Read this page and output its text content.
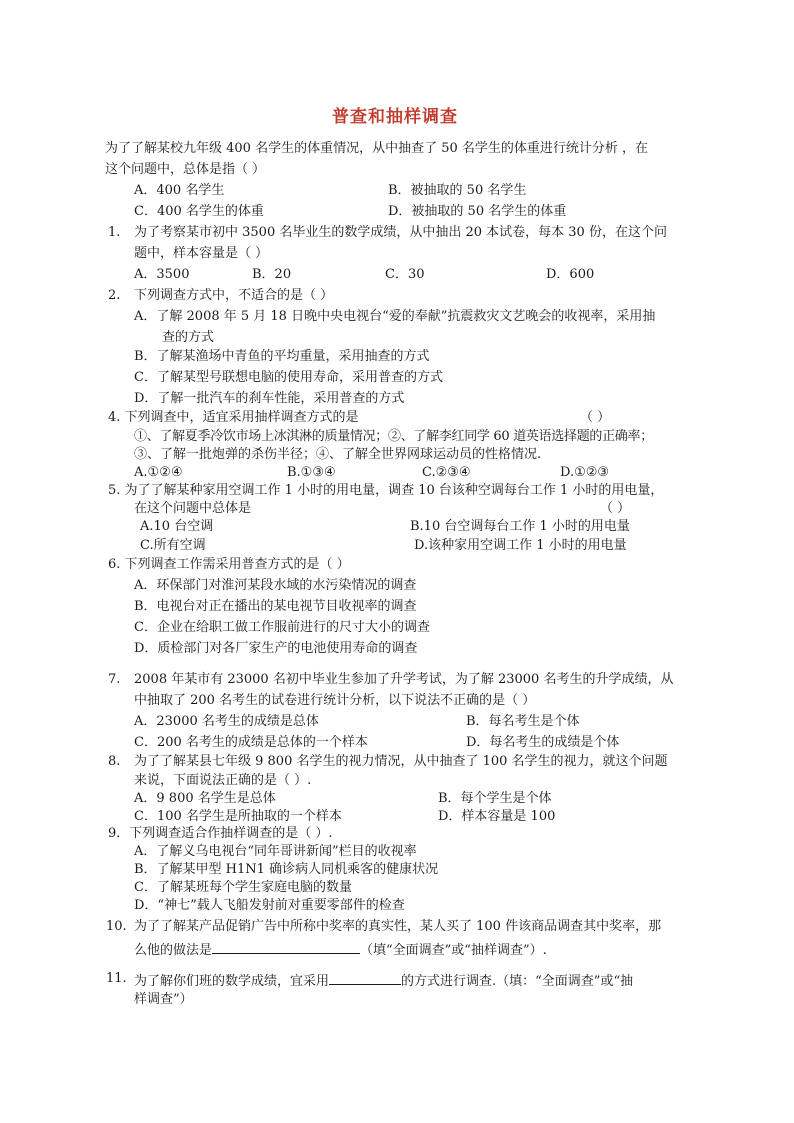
普查和抽样调查
为了了解某校九年级 400 名学生的体重情况，从中抽查了 50 名学生的体重进行统计分析 ，在
这个问题中，总体是指（ ）
A．400 名学生	B．被抽取的 50 名学生
C．400 名学生的体重	D．被抽取的 50 名学生的体重
1. 为了考察某市初中 3500 名毕业生的数学成绩，从中抽出 20 本试卷，每本 30 份，在这个问
题中，样本容量是（ ）
A．3500	B．20	C．30	D．600
2. 下列调查方式中，不适合的是（ ）
A．了解 2008 年 5 月 18 日晚中央电视台“爱的奉献”抗震救灾文艺晚会的收视率，采用抽
查的方式
B．了解某渔场中青鱼的平均重量，采用抽查的方式
C．了解某型号联想电脑的使用寿命，采用普查的方式
D．了解一批汽车的刹车性能，采用普查的方式
4. 下列调查中，适宜采用抽样调查方式的是	（ ）
①、了解夏季冷饮市场上冰淇淋的质量情况；②、了解李红同学 60 道英语选择题的正确率；
③、了解一批炮弹的杀伤半径；④、了解全世界网球运动员的性格情况.
A.①②④	B.①③④	C.②③④	D.①②③
5. 为了了解某种家用空调工作 1 小时的用电量，调查 10 台该种空调每台工作 1 小时的用电量，
在这个问题中总体是	（ ）
A.10 台空调	B.10 台空调每台工作 1 小时的用电量
C.所有空调	D.该种家用空调工作 1 小时的用电量
6. 下列调查工作需采用普查方式的是（ ）
A．环保部门对淮河某段水域的水污染情况的调查
B．电视台对正在播出的某电视节目收视率的调查
C．企业在给职工做工作服前进行的尺寸大小的调查
D．质检部门对各厂家生产的电池使用寿命的调查
7. 2008 年某市有 23000 名初中毕业生参加了升学考试，为了解 23000 名考生的升学成绩，从
中抽取了 200 名考生的试卷进行统计分析，以下说法不正确的是（ ）
A．23000 名考生的成绩是总体	B．每名考生是个体
C．200 名考生的成绩是总体的一个样本	D．每名考生的成绩是个体
8. 为了了解某县七年级 9 800 名学生的视力情况，从中抽查了 100 名学生的视力，就这个问题
来说，下面说法正确的是（ ）.
A．9 800 名学生是总体	B．每个学生是个体
C．100 名学生是所抽取的一个样本	D．样本容量是 100
9．下列调查适合作抽样调查的是（ ）.
A．了解义乌电视台“同年哥讲新闻”栏目的收视率
B．了解某甲型 H1N1 确诊病人同机乘客的健康状况
C．了解某班每个学生家庭电脑的数量
D．“神七”载人飞船发射前对重要零部件的检查
10. 为了了解某产品促销广告中所称中奖率的真实性，某人买了 100 件该商品调查其中奖率，那
么他的做法是	（填“全面调查”或“抽样调查”）.
11. 为了解你们班的数学成绩，宜采用	的方式进行调查.（填：“全面调查”或“抽
样调查”）
